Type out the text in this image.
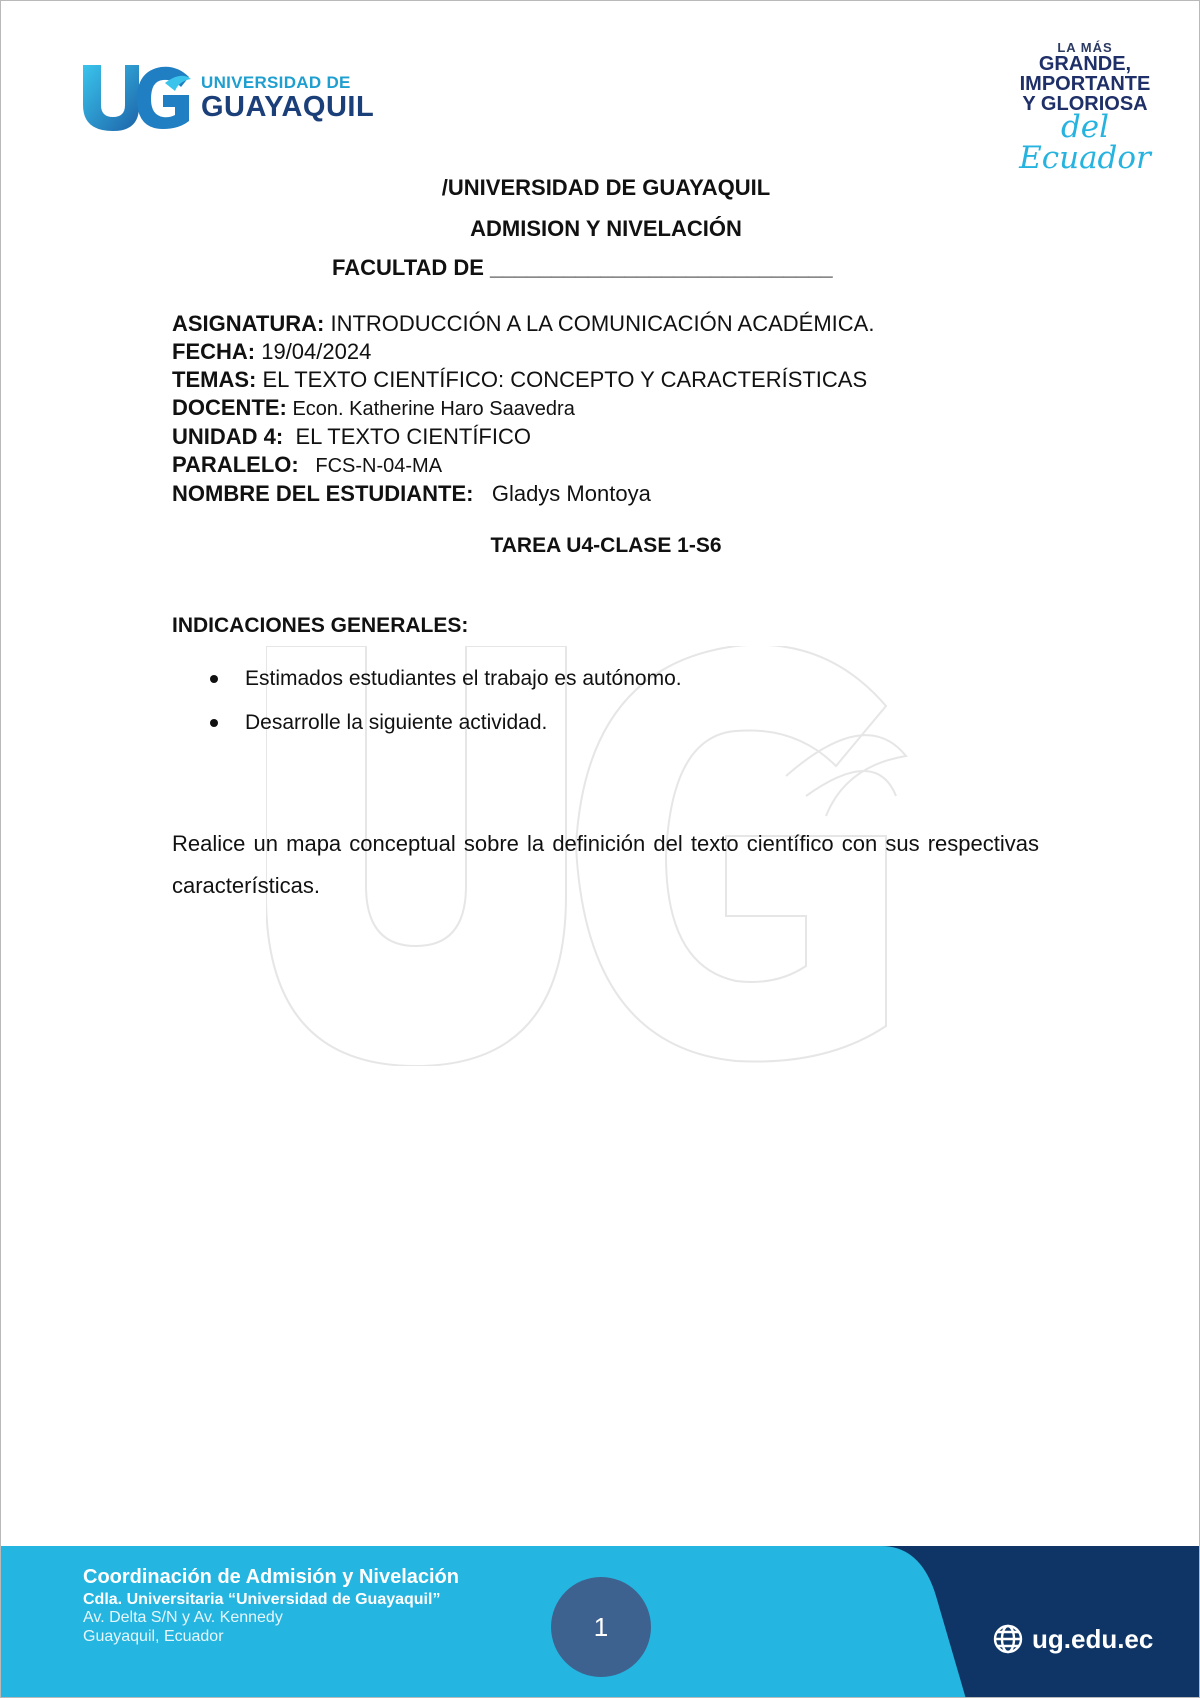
UNIVERSIDAD DE
GUAYAQUIL
LA MÁS
GRANDE,
IMPORTANTE
Y GLORIOSA
del Ecuador
/UNIVERSIDAD DE GUAYAQUIL
ADMISION Y NIVELACIÓN
FACULTAD DE ____________________________
ASIGNATURA: INTRODUCCIÓN A LA COMUNICACIÓN ACADÉMICA.
FECHA: 19/04/2024
TEMAS: EL TEXTO CIENTÍFICO: CONCEPTO Y CARACTERÍSTICAS
DOCENTE: Econ. Katherine Haro Saavedra
UNIDAD 4:  EL TEXTO CIENTÍFICO
PARALELO:   FCS-N-04-MA
NOMBRE DEL ESTUDIANTE:   Gladys Montoya
TAREA U4-CLASE 1-S6
INDICACIONES GENERALES:
Estimados estudiantes el trabajo es autónomo.
Desarrolle la siguiente actividad.
Realice un mapa conceptual sobre la definición del texto científico con sus respectivas características.
Coordinación de Admisión y Nivelación
Cdla. Universitaria “Universidad de Guayaquil”
Av. Delta S/N y Av. Kennedy
Guayaquil, Ecuador	1	ug.edu.ec
